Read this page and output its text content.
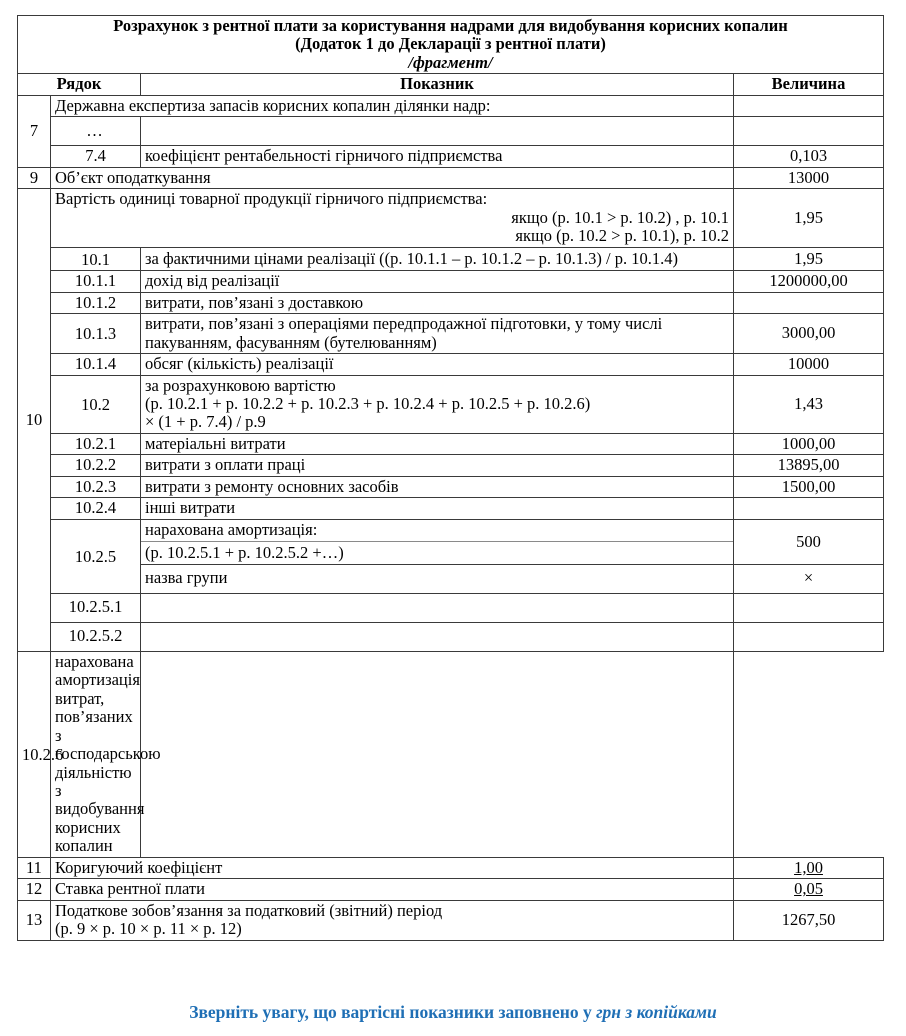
Розрахунок з рентної плати за користування надрами для видобування корисних копалин
(Додаток 1 до Декларації з рентної плати)
/фрагмент/			

Рядок		Показник	Величина
7	Державна експертиза запасів корисних копалин ділянки надр:		
	…		
	7.4	коефіцієнт рентабельності гірничого підприємства	0,103
9	Об’єкт оподаткування		13000
10	Вартість одиниці товарної продукції гірничого підприємства:
якщо (р. 10.1 > р. 10.2) , р. 10.1
якщо (р. 10.2 > р. 10.1), р. 10.2		1,95
	10.1	за фактичними цінами реалізації ((р. 10.1.1 – р. 10.1.2 – р. 10.1.3) / р. 10.1.4)	1,95
	10.1.1	дохід від реалізації	1200000,00
	10.1.2	витрати, пов’язані з доставкою	
	10.1.3	витрати, пов’язані з операціями передпродажної підготовки, у тому числі пакуванням, фасуванням (бутелюванням)	3000,00
	10.1.4	обсяг (кількість) реалізації	10000
	10.2	за розрахунковою вартістю
(р. 10.2.1 + р. 10.2.2 + р. 10.2.3 + р. 10.2.4 + р. 10.2.5 + р. 10.2.6)
× (1 + р. 7.4) / р.9	1,43
	10.2.1	матеріальні витрати	1000,00
	10.2.2	витрати з оплати праці	13895,00
	10.2.3	витрати з ремонту основних засобів	1500,00
	10.2.4	інші витрати	
	10.2.5	нарахована амортизація:
(р. 10.2.5.1 + р. 10.2.5.2 +…)	500
		назва групи	×
	10.2.5.1		
	10.2.5.2		
10.2.6	нарахована амортизація витрат, пов’язаних з господарською
діяльністю з видобування корисних копалин		

11	Коригуючий коефіцієнт		1,00
12	Ставка рентної плати		0,05
13	Податкове зобов’язання за податковий (звітний) період
(р. 9 × р. 10 × р. 11 × р. 12)		1267,50
Зверніть увагу, що вартісні показники заповнено у грн з копійками
